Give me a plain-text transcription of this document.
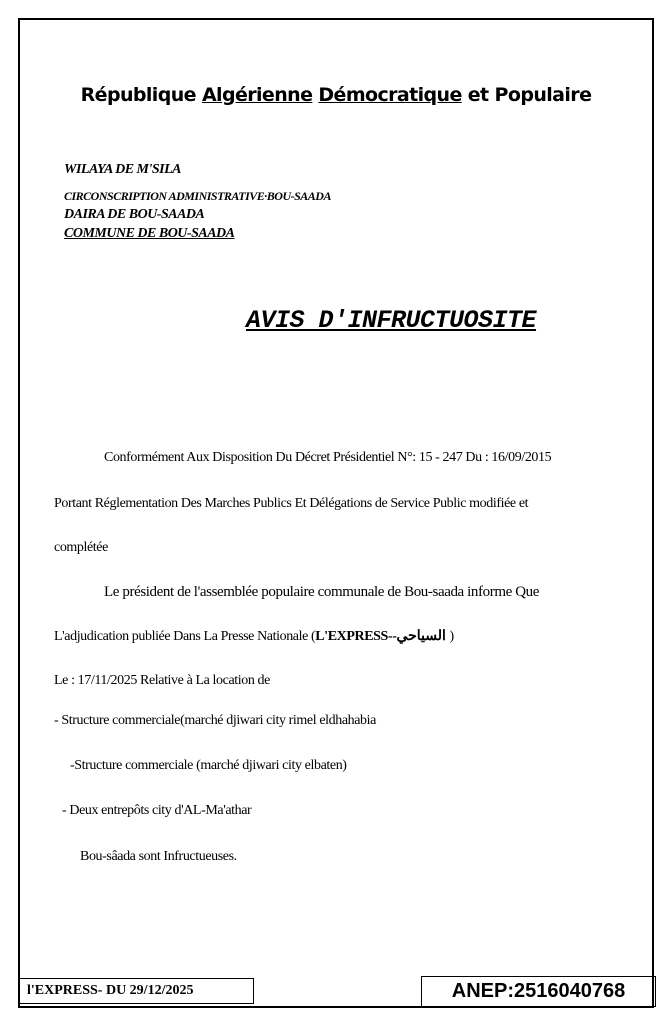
République Algérienne Démocratique et Populaire
WILAYA DE M'SILA
CIRCONSCRIPTION ADMINISTRATIVE·BOU-SAADA
DAIRA DE BOU-SAADA
COMMUNE DE BOU-SAADA
AVIS D'INFRUCTUOSITE
Conformément Aux Disposition Du Décret Présidentiel N°: 15 - 247 Du : 16/09/2015
Portant Réglementation Des Marches Publics Et Délégations de Service Public modifiée et
complétée
Le président de l'assemblée populaire communale de Bou-saada informe Que
L'adjudication publiée Dans La Presse Nationale (L'EXPRESS--السياحي )
Le : 17/11/2025 Relative à La location de
- Structure commerciale(marché djiwari city rimel eldhahabia
-Structure commerciale (marché djiwari city elbaten)
- Deux entrepôts city d'AL-Ma'athar
Bou-sâada sont Infructueuses.
l'EXPRESS- DU 29/12/2025	ANEP:2516040768
